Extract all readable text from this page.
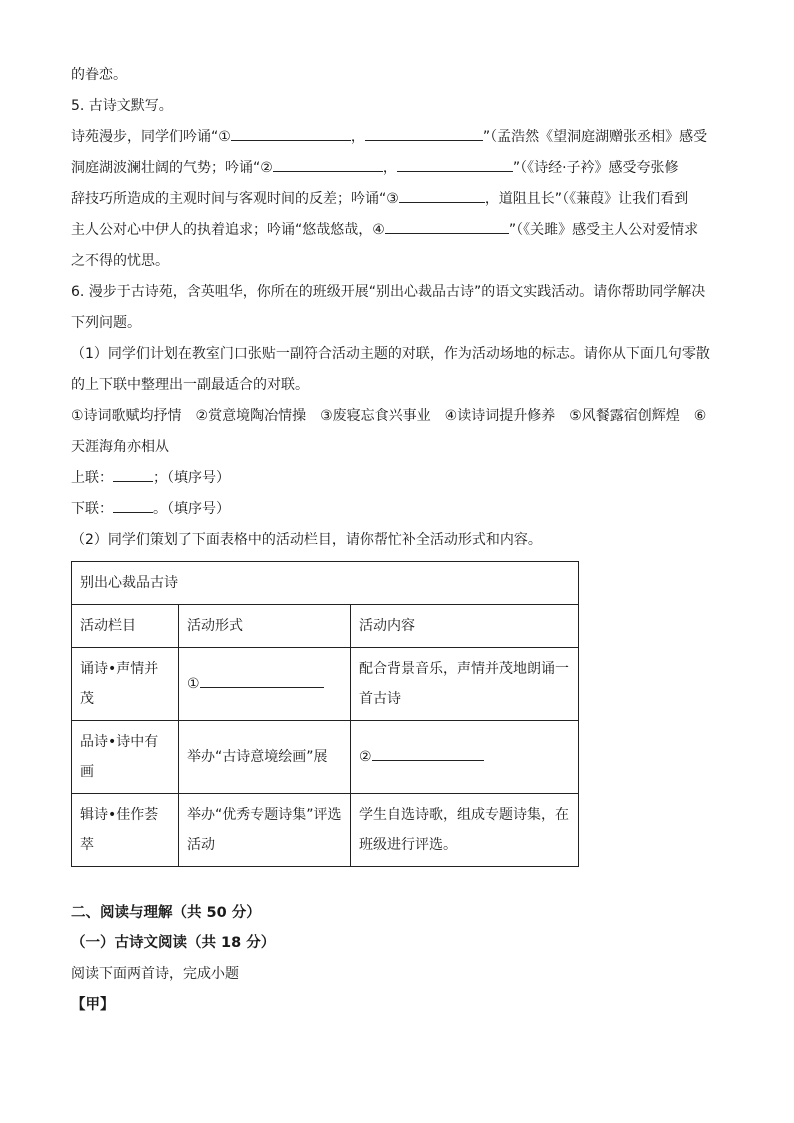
的眷恋。
5. 古诗文默写。
诗苑漫步，同学们吟诵“①	，	”（孟浩然《望洞庭湖赠张丞相》感受
洞庭湖波澜壮阔的气势；吟诵“②	，	”（《诗经·子衿》感受夸张修
辞技巧所造成的主观时间与客观时间的反差；吟诵“③	，道阻且长”（《蒹葭》让我们看到
主人公对心中伊人的执着追求；吟诵“悠哉悠哉，④	”（《关雎》感受主人公对爱情求
之不得的忧思。
6. 漫步于古诗苑，含英咀华，你所在的班级开展“别出心裁品古诗”的语文实践活动。请你帮助同学解决
下列问题。
（1）同学们计划在教室门口张贴一副符合活动主题的对联，作为活动场地的标志。请你从下面几句零散
的上下联中整理出一副最适合的对联。
①诗词歌赋均抒情　②赏意境陶冶情操　③废寝忘食兴事业　④读诗词提升修养　⑤风餐露宿创辉煌　⑥
天涯海角亦相从
上联：	；（填序号）
下联：	。（填序号）
（2）同学们策划了下面表格中的活动栏目，请你帮忙补全活动形式和内容。
别出心裁品古诗		
活动栏目	活动形式	活动内容
诵诗•声情并茂	①	配合背景音乐，声情并茂地朗诵一首古诗
品诗•诗中有画	举办“古诗意境绘画”展	②
辑诗•佳作荟萃	举办“优秀专题诗集”评选活动	学生自选诗歌，组成专题诗集，在班级进行评选。
二、阅读与理解（共 50 分）
（一）古诗文阅读（共 18 分）
阅读下面两首诗，完成小题
【甲】
